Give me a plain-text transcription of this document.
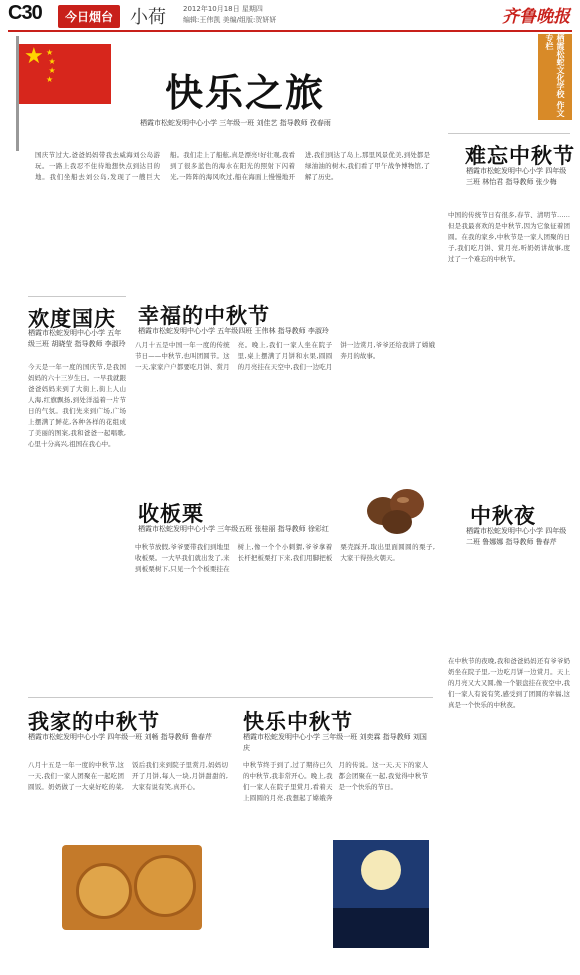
C30	今日烟台 小荷 2012年10月18日 星期四
编辑:王伟凯 美编/组版:贺妍妍	齐鲁晚报
栖霞松蛇文化学校 作文专栏
★ ★
★
★
★	快乐之旅
栖霞市松蛇发明中心小学 三年级一班 刘佳艺 指导教师 孜春雨
国庆节过大,爸爸妈妈带我去威海刘公岛游玩。一路上我忍不住待地想快点到达目的地。我们坐船去刘公岛,发现了一艘巨大船。我们走上了船舷,真是漂亮!好壮观,我看到了很多蓝色的海水在阳光的照射下闪着光,一阵阵的海风吹过,船在海面上慢慢地开进,我们到达了岛上,那里风景优美,到处都是绿油油的树木,我们看了甲午战争博物馆,了解了历史。
欢度国庆
栖霞市松蛇发明中心小学 五年级三班 胡晓莹 指导教师 李淑玲
今天是一年一度的国庆节,是我国妈妈的六十三岁生日。一早我就跟爸爸妈妈来到了大街上,街上人山人海,红旗飘扬,到处洋溢着一片节日的气氛。我们先来到广场,广场上摆满了鲜花,各种各样的花组成了美丽的图案,我和爸爸一起唱歌,心里十分高兴,祖国在我心中。
幸福的中秋节
栖霞市松蛇发明中心小学 五年级四班 王伟林 指导教师 李淑玲
八月十五是中国一年一度的传统节日——中秋节,也叫团圆节。这一天,家家户户都要吃月饼、赏月亮。晚上,我们一家人坐在院子里,桌上摆满了月饼和水果,圆圆的月亮挂在天空中,我们一边吃月饼一边赏月,爷爷还给我讲了嫦娥奔月的故事。
收板栗
栖霞市松蛇发明中心小学 三年级五班 张桂丽 指导教师 徐彩红
中秋节放假,爷爷要带我们到地里收板栗。一大早我们就出发了,来到板栗树下,只见一个个板栗挂在树上,像一个个小刺猬,爷爷拿着长杆把板栗打下来,我们用脚把板栗壳踩开,取出里面圆圆的栗子,大家干得热火朝天。
难忘中秋节
栖霞市松蛇发明中心小学 四年级三班 林怡君 指导教师 张少梅
中国的传统节日有很多,春节、清明节……但是我最喜欢的是中秋节,因为它象征着团圆。在我的家乡,中秋节是一家人团聚的日子,我们吃月饼、赏月亮,听奶奶讲故事,度过了一个难忘的中秋节。
中秋夜
栖霞市松蛇发明中心小学 四年级二班 鲁娜娜 指导教师 鲁春芹
在中秋节的夜晚,我和爸爸妈妈还有爷爷奶奶坐在院子里,一边吃月饼一边赏月。天上的月亮又大又圆,像一个银盘挂在夜空中,我们一家人有说有笑,感受到了团圆的幸福,这真是一个快乐的中秋夜。
我家的中秋节
栖霞市松蛇发明中心小学 四年级一班 刘畅 指导教师 鲁春芹
八月十五是一年一度的中秋节,这一天,我们一家人团聚在一起吃团圆饭。奶奶做了一大桌好吃的菜,饭后我们来到院子里赏月,妈妈切开了月饼,每人一块,月饼甜甜的,大家有说有笑,真开心。
快乐中秋节
栖霞市松蛇发明中心小学 三年级一班 刘奕霖 指导教师 刘国庆
中秋节终于到了,过了期待已久的中秋节,我非常开心。晚上,我们一家人在院子里赏月,看着天上圆圆的月亮,我想起了嫦娥奔月的传说。这一天,天下的家人都会团聚在一起,我觉得中秋节是一个快乐的节日。
